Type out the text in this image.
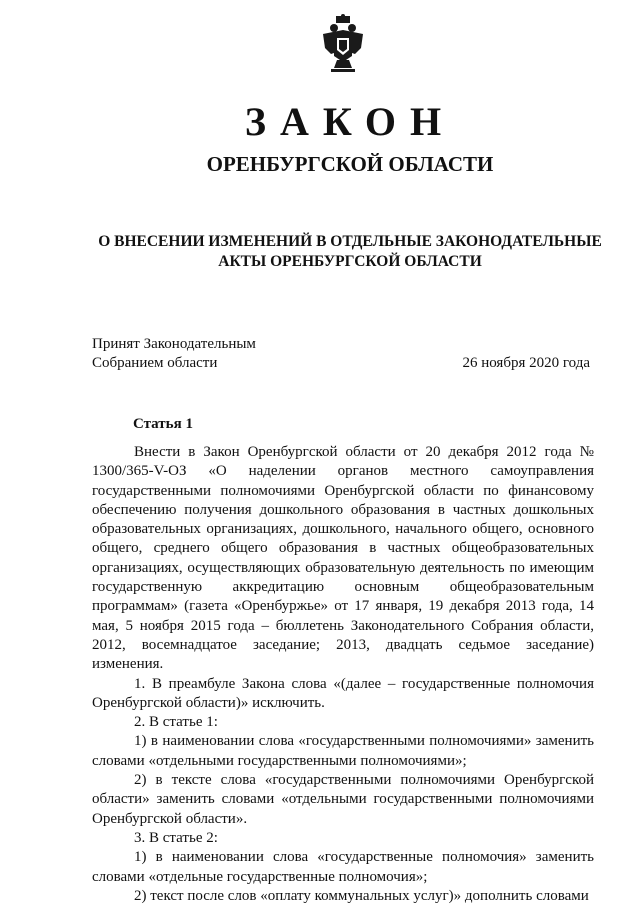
ЗАКОН
ОРЕНБУРГСКОЙ ОБЛАСТИ
О ВНЕСЕНИИ ИЗМЕНЕНИЙ В ОТДЕЛЬНЫЕ ЗАКОНОДАТЕЛЬНЫЕ
АКТЫ ОРЕНБУРГСКОЙ ОБЛАСТИ
Принят Законодательным
Собранием области	26 ноября 2020 года
Статья 1

Внести в Закон Оренбургской области от 20 декабря 2012 года № 1300/365-V-ОЗ «О наделении органов местного самоуправления государственными полномочиями Оренбургской области по финансовому обеспечению получения дошкольного образования в частных дошкольных образовательных организациях, дошкольного, начального общего, основного общего, среднего общего образования в частных общеобразовательных организациях, осуществляющих образовательную деятельность по имеющим государственную аккредитацию основным общеобразовательным программам» (газета «Оренбуржье» от 17 января, 19 декабря 2013 года, 14 мая, 5 ноября 2015 года – бюллетень Законодательного Собрания области, 2012, восемнадцатое заседание; 2013, двадцать седьмое заседание) изменения.

1. В преамбуле Закона слова «(далее – государственные полномочия Оренбургской области)» исключить.

2. В статье 1:

1) в наименовании слова «государственными полномочиями» заменить словами «отдельными государственными полномочиями»;

2) в тексте слова «государственными полномочиями Оренбургской области» заменить словами «отдельными государственными полномочиями Оренбургской области».

3. В статье 2:

1) в наименовании слова «государственные полномочия» заменить словами «отдельные государственные полномочия»;

2) текст после слов «оплату коммунальных услуг)» дополнить словами
